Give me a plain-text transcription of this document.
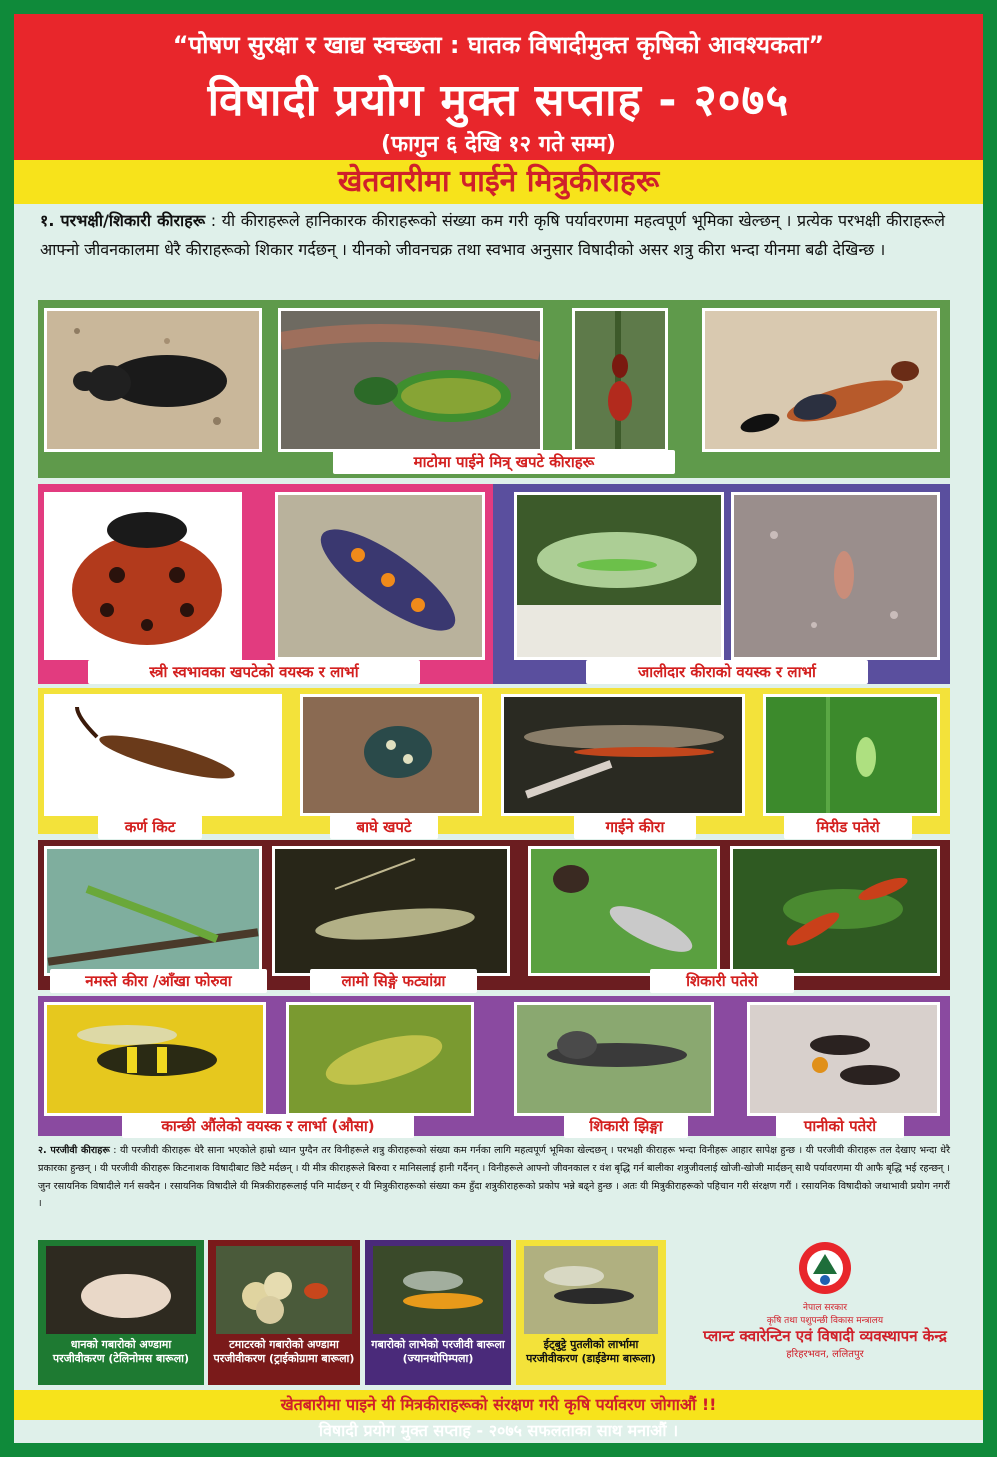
“पोषण सुरक्षा र खाद्य स्वच्छता : घातक विषादीमुक्त कृषिको आवश्यकता”
विषादी प्रयोग मुक्त सप्ताह - २०७५
(फागुन ६ देखि १२ गते सम्म)
खेतवारीमा पाईने मित्रुकीराहरू
१. परभक्षी/शिकारी कीराहरू : यी कीराहरूले हानिकारक कीराहरूको संख्या कम गरी कृषि पर्यावरणमा महत्वपूर्ण भूमिका खेल्छन् । प्रत्येक परभक्षी कीराहरूले आफ्नो जीवनकालमा धेरै कीराहरूको शिकार गर्दछन् । यीनको जीवनचक्र तथा स्वभाव अनुसार विषादीको असर शत्रु कीरा भन्दा यीनमा बढी देखिन्छ ।
माटोमा पाईने मित्र् खपटे कीराहरू
स्त्री स्वभावका खपटेको वयस्क र लार्भा	जालीदार कीराको वयस्क र लार्भा
कर्ण किट	बाघे खपटे	गाईने कीरा	मिरीड पतेरो
नमस्ते कीरा /आँखा फोरुवा	लामो सिङ्गे फट्यांग्रा	शिकारी पतेरो
कान्छी औंलेको वयस्क र लार्भा (औसा)	शिकारी झिङ्गा	पानीको पतेरो
२. परजीवी कीराहरू : यी परजीवी कीराहरू धेरै साना भएकोले हाम्रो ध्यान पुग्दैन तर विनीहरूले शत्रु कीराहरूको संख्या कम गर्नका लागि महत्वपूर्ण भूमिका खेल्दछन् । परभक्षी कीराहरू भन्दा विनीहरू आहार सापेक्ष हुन्छ । यी परजीवी कीराहरू तल देखाए भन्दा धेरै प्रकारका हुन्छन् । यी परजीवी कीराहरू किटनाशक विषादीबाट छिटै मर्दछन् । यी मीत्र कीराहरूले बिरुवा र मानिसलाई हानी गर्दैनन् । विनीहरूले आफ्नो जीवनकाल र वंश बृद्धि गर्न बालीका शत्रुजीवलाई खोजी-खोजी मार्दछन् साथै पर्यावरणमा यी आफै बृद्धि भई रहन्छन् । जुन रसायनिक विषादीले गर्न सक्दैन । रसायनिक विषादीले यी मित्रकीराहरूलाई पनि मार्दछन् र यी मित्रुकीराहरूको संख्या कम हुँदा शत्रुकीराहरूको प्रकोप भन्ने बढ्ने हुन्छ । अतः यी मित्रुकीराहरूको पहिचान गरी संरक्षण गरौं । रसायनिक विषादीको जथाभावी प्रयोग नगरौं ।
धानको गबारोको अण्डामा परजीवीकरण (टेलिनोमस बारूला)
टमाटरको गबारोको अण्डामा परजीवीकरण (ट्राईकोग्रामा बारूला)
गबारोको लाभेको परजीवी बारूला (ज्यानथोपिम्पला)
ईट्बुट्टे पुतलीको लार्भामा परजीवीकरण (डाईडेग्मा बारूला)
नेपाल सरकार
कृषि तथा पशुपन्छी विकास मन्त्रालय
प्लान्ट क्वारेन्टिन एवं विषादी व्यवस्थापन केन्द्र
हरिहरभवन, ललितपुर
खेतबारीमा पाइने यी मित्रकीराहरूको संरक्षण गरी कृषि पर्यावरण जोगाऔं !!
विषादी प्रयोग मुक्त सप्ताह - २०७५ सफलताका साथ मनाऔं ।
